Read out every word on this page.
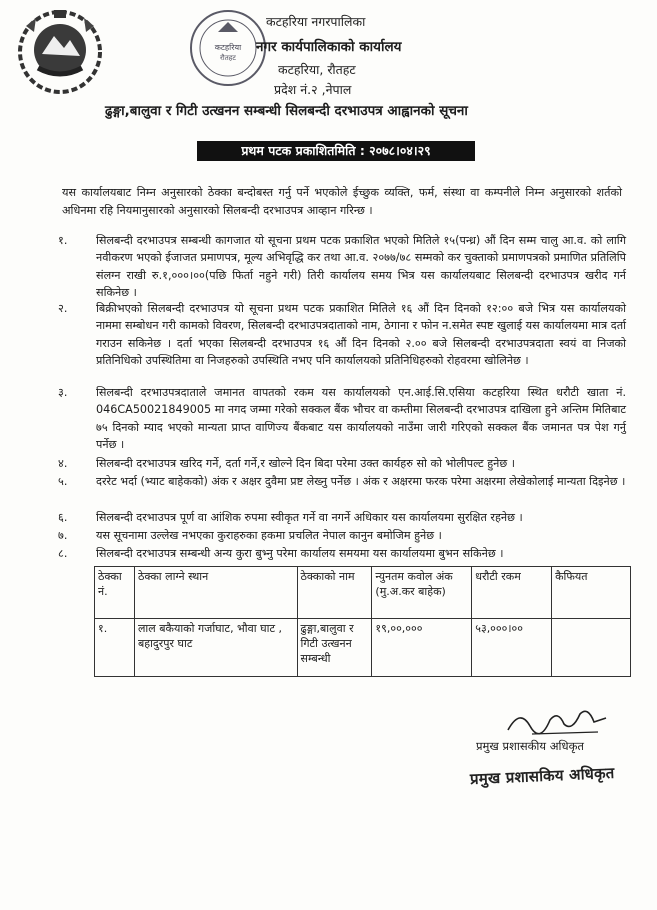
कटहरिया
रौतहट
कटहरिया नगरपालिका
नगर कार्यपालिकाको कार्यालय
कटहरिया, रौतहट
प्रदेश नं.२ ,नेपाल
ढुङ्गा,बालुवा र गिटी उत्खनन सम्बन्धी सिलबन्दी दरभाउपत्र आह्वानको सूचना
प्रथम पटक प्रकाशितमिति : २०७८।०४।२९
यस कार्यालयबाट निम्न अनुसारको ठेक्का बन्दोबस्त गर्नु पर्ने भएकोले ईच्छुक व्यक्ति, फर्म, संस्था वा कम्पनीले निम्न अनुसारको शर्तको अधिनमा रहि नियमानुसारको अनुसारको सिलबन्दी दरभाउपत्र आव्हान गरिन्छ ।
१.	सिलबन्दी दरभाउपत्र सम्बन्धी कागजात यो सूचना प्रथम पटक प्रकाशित भएको मितिले १५(पन्ध्र) औं दिन सम्म चालु आ.व. को लागि नवीकरण भएको ईजाजत प्रमाणपत्र, मूल्य अभिवृद्धि कर तथा आ.व. २०७७/७८ सम्मको कर चुक्ताको प्रमाणपत्रको प्रमाणित प्रतिलिपि संलग्न राखी रु.१,०००।००(पछि फिर्ता नहुने गरी) तिरी कार्यालय समय भित्र यस कार्यालयबाट सिलबन्दी दरभाउपत्र खरीद गर्न सकिनेछ ।
२.	बिक्रीभएको सिलबन्दी दरभाउपत्र यो सूचना प्रथम पटक प्रकाशित मितिले १६ औं दिन दिनको १२:०० बजे भित्र यस कार्यालयको नाममा सम्बोधन गरी कामको विवरण, सिलबन्दी दरभाउपत्रदाताको नाम, ठेगाना र फोन न.समेत स्पष्ट खुलाई यस कार्यालयमा मात्र दर्ता गराउन सकिनेछ । दर्ता भएका सिलबन्दी दरभाउपत्र १६ औं दिन दिनको २.०० बजे सिलबन्दी दरभाउपत्रदाता स्वयं वा निजको प्रतिनिधिको उपस्थितिमा वा निजहरुको उपस्थिति नभए पनि कार्यालयको प्रतिनिधिहरुको रोहवरमा खोलिनेछ ।
३.	सिलबन्दी दरभाउपत्रदाताले जमानत वापतको रकम यस कार्यालयको एन.आई.सि.एसिया कटहरिया स्थित धरौटी खाता नं. 046CA50021849005 मा नगद जम्मा गरेको सक्कल बैंक भौचर वा कम्तीमा सिलबन्दी दरभाउपत्र दाखिला हुने अन्तिम मितिबाट ७५ दिनको म्याद भएको मान्यता प्राप्त वाणिज्य बैंकबाट यस कार्यालयको नाउँमा जारी गरिएको सक्कल बैंक जमानत पत्र पेश गर्नु पर्नेछ ।
४.	सिलबन्दी दरभाउपत्र खरिद गर्ने, दर्ता गर्ने,र खोल्ने दिन बिदा परेमा उक्त कार्यहरु सो को भोलीपल्ट हुनेछ ।
५.	दररेट भर्दा (भ्याट बाहेकको) अंक र अक्षर दुवैमा प्रष्ट लेख्नु पर्नेछ । अंक र अक्षरमा फरक परेमा अक्षरमा लेखेकोलाई मान्यता दिइनेछ ।
६.	सिलबन्दी दरभाउपत्र पूर्ण वा आंशिक रुपमा स्वीकृत गर्ने वा नगर्ने अधिकार यस कार्यालयमा सुरक्षित रहनेछ ।
७.	यस सूचनामा उल्लेख नभएका कुराहरुका हकमा प्रचलित नेपाल कानुन बमोजिम हुनेछ ।
८.	सिलबन्दी दरभाउपत्र सम्बन्धी अन्य कुरा बुभ्नु परेमा कार्यालय समयमा यस कार्यालयमा बुभन सकिनेछ ।
ठेक्का नं.	ठेक्का लाग्ने स्थान	ठेक्काको नाम	न्युनतम कवोल अंक (मु.अ.कर बाहेक)	धरौटी रकम	कैफियत
१.	लाल बकैयाको गर्जाघाट, भौवा घाट , बहादुरपुर घाट	ढुङ्गा,बालुवा र गिटी उत्खनन सम्बन्धी	१९,००,०००	५३,०००।००	
प्रमुख प्रशासकीय अधिकृत
प्रमुख प्रशासकिय अधिकृत
